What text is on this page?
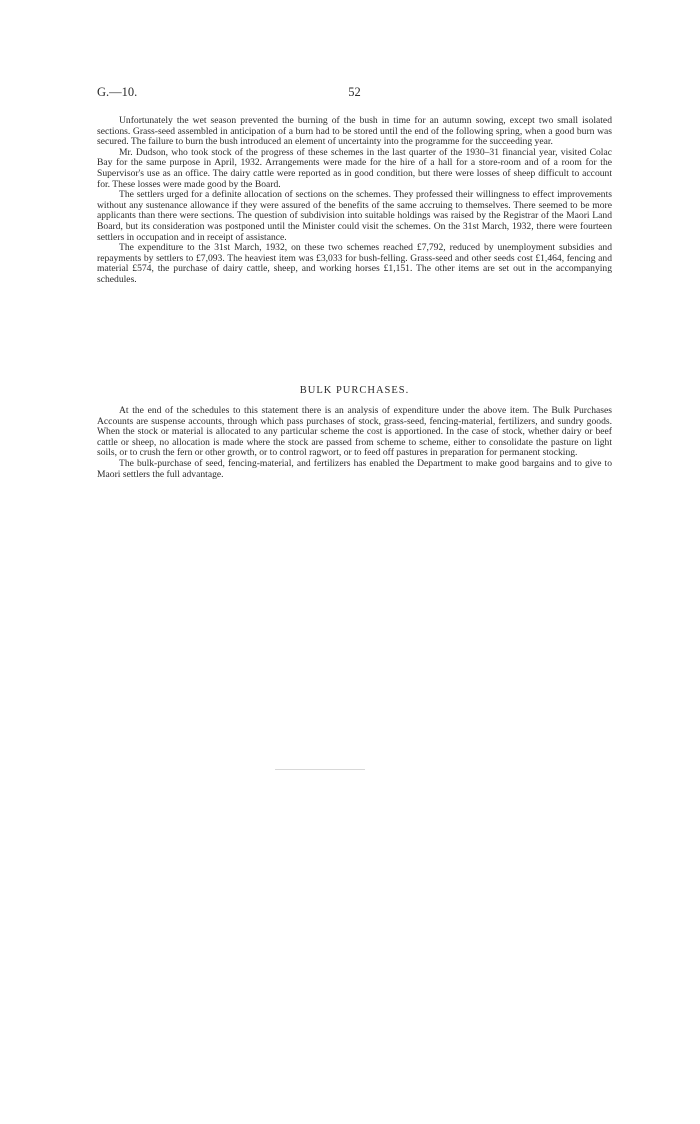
G.—10.	52

Unfortunately the wet season prevented the burning of the bush in time for an autumn sowing, except two small isolated sections. Grass-seed assembled in anticipation of a burn had to be stored until the end of the following spring, when a good burn was secured. The failure to burn the bush introduced an element of uncertainty into the programme for the succeeding year.

Mr. Dudson, who took stock of the progress of these schemes in the last quarter of the 1930–31 financial year, visited Colac Bay for the same purpose in April, 1932. Arrangements were made for the hire of a hall for a store-room and of a room for the Supervisor's use as an office. The dairy cattle were reported as in good condition, but there were losses of sheep difficult to account for. These losses were made good by the Board.

The settlers urged for a definite allocation of sections on the schemes. They professed their willingness to effect improvements without any sustenance allowance if they were assured of the benefits of the same accruing to themselves. There seemed to be more applicants than there were sections. The question of subdivision into suitable holdings was raised by the Registrar of the Maori Land Board, but its consideration was postponed until the Minister could visit the schemes. On the 31st March, 1932, there were fourteen settlers in occupation and in receipt of assistance.

The expenditure to the 31st March, 1932, on these two schemes reached £7,792, reduced by unemployment subsidies and repayments by settlers to £7,093. The heaviest item was £3,033 for bush-felling. Grass-seed and other seeds cost £1,464, fencing and material £574, the purchase of dairy cattle, sheep, and working horses £1,151. The other items are set out in the accompanying schedules.

BULK PURCHASES.

At the end of the schedules to this statement there is an analysis of expenditure under the above item. The Bulk Purchases Accounts are suspense accounts, through which pass purchases of stock, grass-seed, fencing-material, fertilizers, and sundry goods. When the stock or material is allocated to any particular scheme the cost is apportioned. In the case of stock, whether dairy or beef cattle or sheep, no allocation is made where the stock are passed from scheme to scheme, either to consolidate the pasture on light soils, or to crush the fern or other growth, or to control ragwort, or to feed off pastures in preparation for permanent stocking.

The bulk-purchase of seed, fencing-material, and fertilizers has enabled the Department to make good bargains and to give to Maori settlers the full advantage.
